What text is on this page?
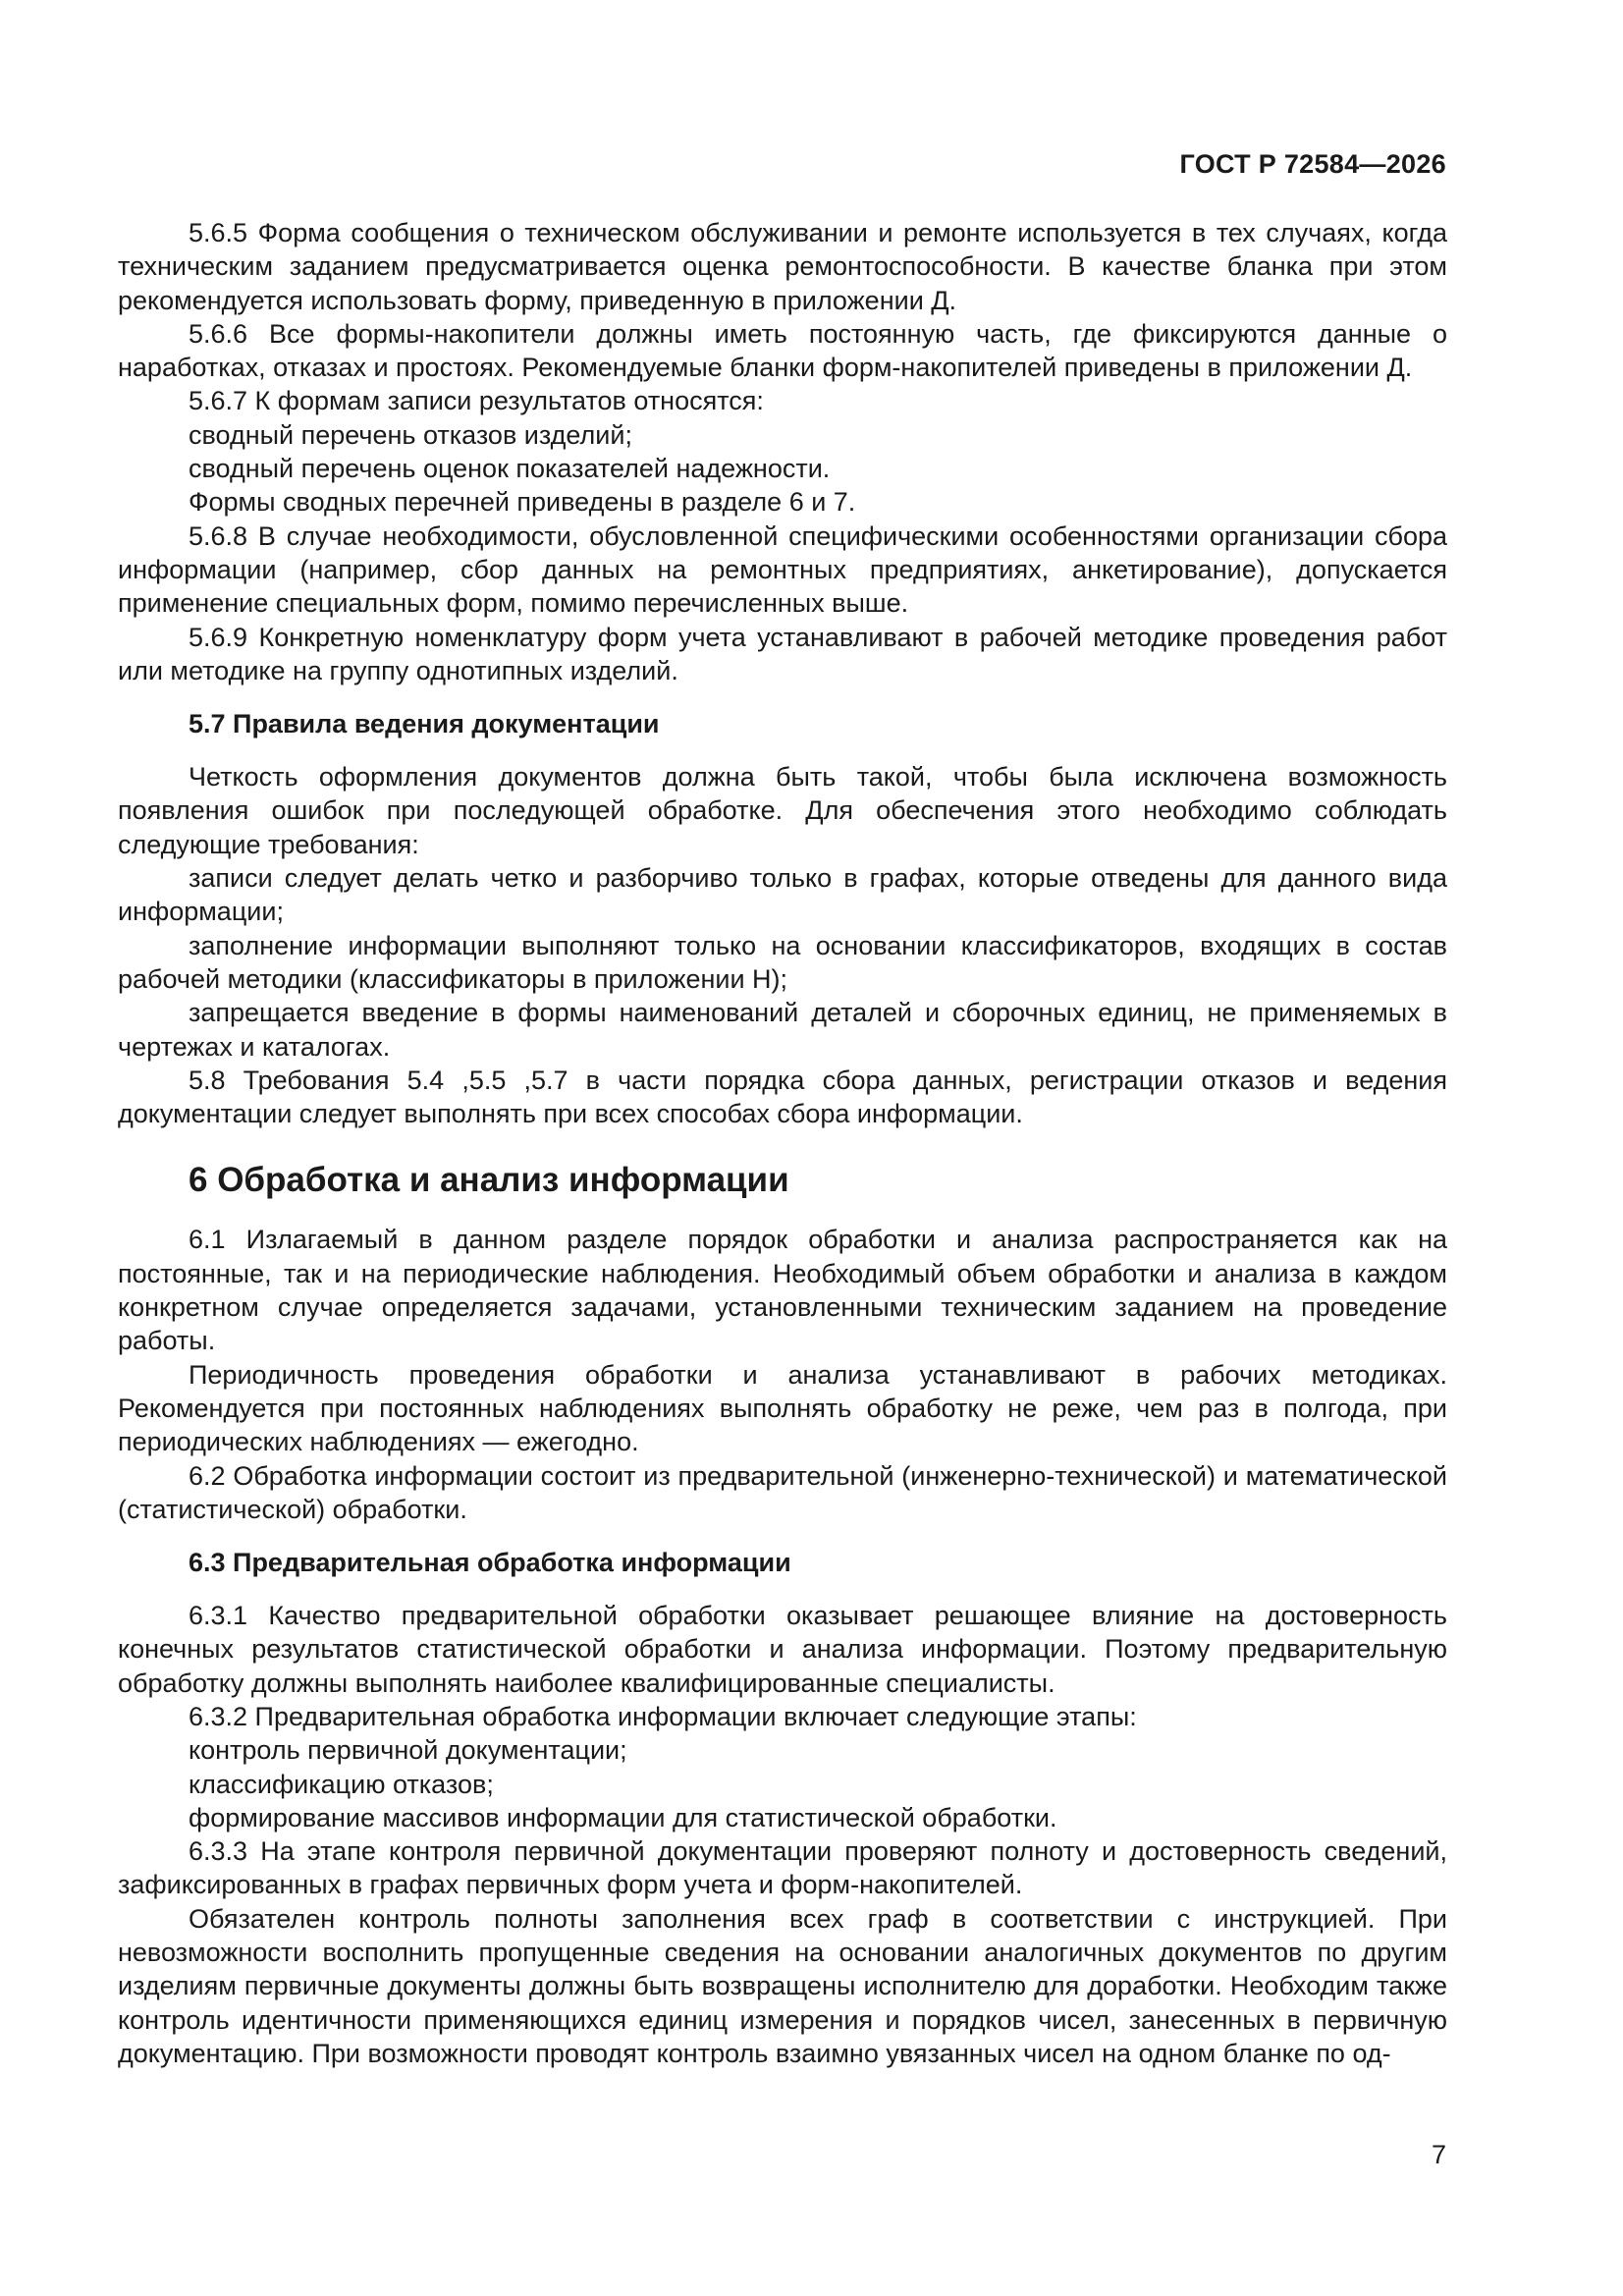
ГОСТ Р 72584—2026

5.6.5 Форма сообщения о техническом обслуживании и ремонте используется в тех случаях, когда техническим заданием предусматривается оценка ремонтоспособности. В качестве бланка при этом рекомендуется использовать форму, приведенную в приложении Д.

5.6.6 Все формы-накопители должны иметь постоянную часть, где фиксируются данные о наработках, отказах и простоях. Рекомендуемые бланки форм-накопителей приведены в приложении Д.

5.6.7 К формам записи результатов относятся:

сводный перечень отказов изделий;

сводный перечень оценок показателей надежности.

Формы сводных перечней приведены в разделе 6 и 7.

5.6.8 В случае необходимости, обусловленной специфическими особенностями организации сбора информации (например, сбор данных на ремонтных предприятиях, анкетирование), допускается применение специальных форм, помимо перечисленных выше.

5.6.9 Конкретную номенклатуру форм учета устанавливают в рабочей методике проведения работ или методике на группу однотипных изделий.

5.7 Правила ведения документации

Четкость оформления документов должна быть такой, чтобы была исключена возможность появления ошибок при последующей обработке. Для обеспечения этого необходимо соблюдать следующие требования:

записи следует делать четко и разборчиво только в графах, которые отведены для данного вида информации;

заполнение информации выполняют только на основании классификаторов, входящих в состав рабочей методики (классификаторы в приложении Н);

запрещается введение в формы наименований деталей и сборочных единиц, не применяемых в чертежах и каталогах.

5.8 Требования 5.4 ,5.5 ,5.7 в части порядка сбора данных, регистрации отказов и ведения документации следует выполнять при всех способах сбора информации.

6 Обработка и анализ информации

6.1 Излагаемый в данном разделе порядок обработки и анализа распространяется как на постоянные, так и на периодические наблюдения. Необходимый объем обработки и анализа в каждом конкретном случае определяется задачами, установленными техническим заданием на проведение работы.

Периодичность проведения обработки и анализа устанавливают в рабочих методиках. Рекомендуется при постоянных наблюдениях выполнять обработку не реже, чем раз в полгода, при периодических наблюдениях — ежегодно.

6.2 Обработка информации состоит из предварительной (инженерно-технической) и математической (статистической) обработки.

6.3 Предварительная обработка информации

6.3.1 Качество предварительной обработки оказывает решающее влияние на достоверность конечных результатов статистической обработки и анализа информации. Поэтому предварительную обработку должны выполнять наиболее квалифицированные специалисты.

6.3.2 Предварительная обработка информации включает следующие этапы:

контроль первичной документации;

классификацию отказов;

формирование массивов информации для статистической обработки.

6.3.3 На этапе контроля первичной документации проверяют полноту и достоверность сведений, зафиксированных в графах первичных форм учета и форм-накопителей.

Обязателен контроль полноты заполнения всех граф в соответствии с инструкцией. При невозможности восполнить пропущенные сведения на основании аналогичных документов по другим изделиям первичные документы должны быть возвращены исполнителю для доработки. Необходим также контроль идентичности применяющихся единиц измерения и порядков чисел, занесенных в первичную документацию. При возможности проводят контроль взаимно увязанных чисел на одном бланке по од-

7
